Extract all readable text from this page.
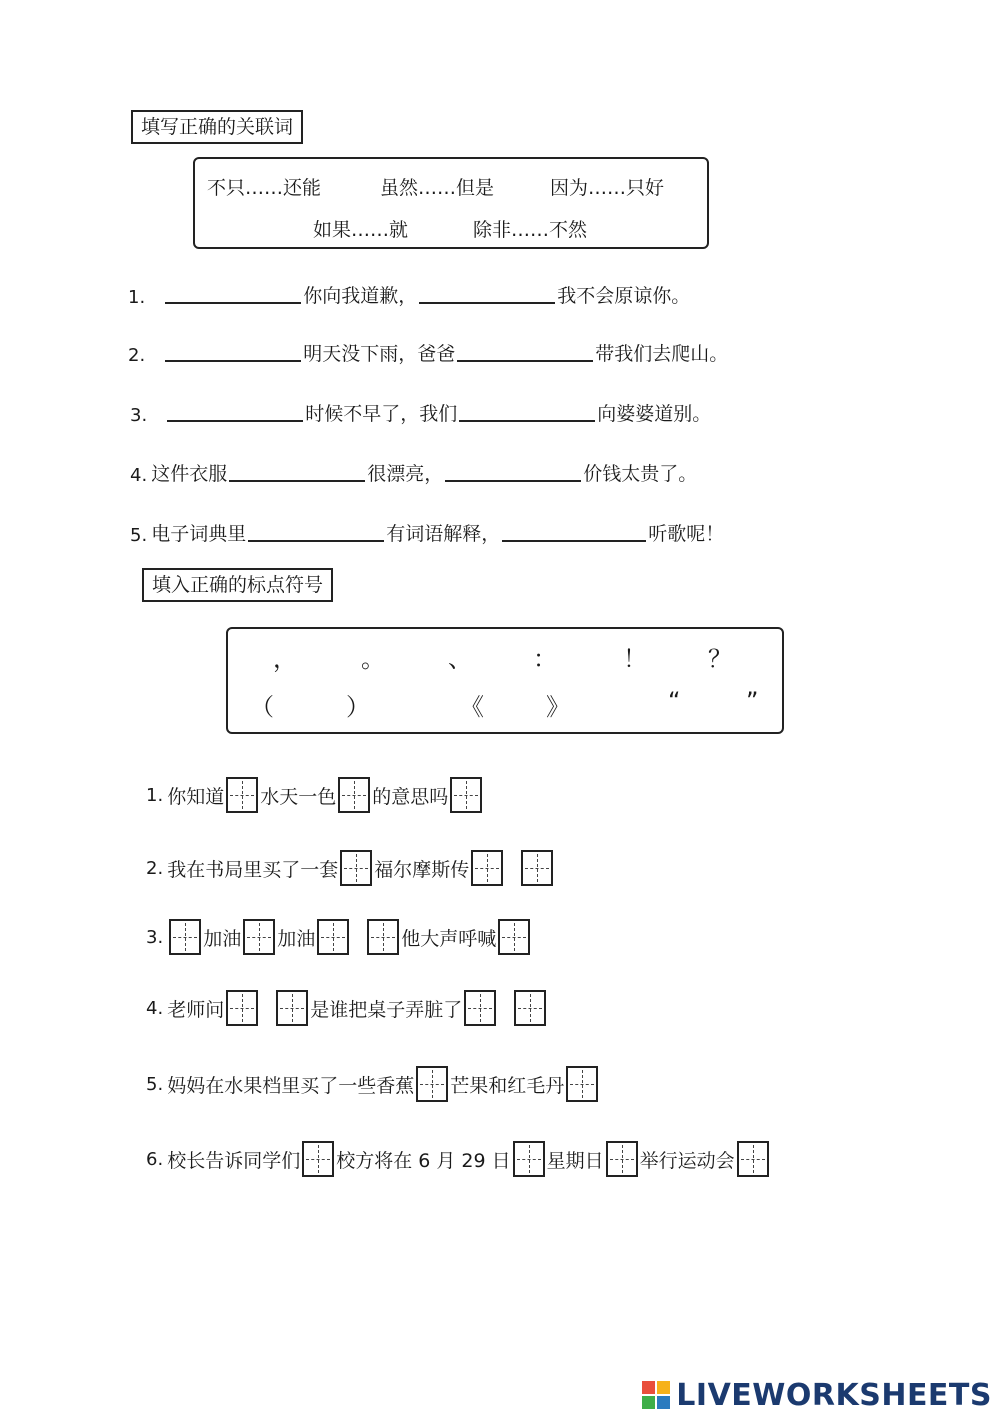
填写正确的关联词
不只……还能	虽然……但是	因为……只好
如果……就	除非……不然
1.	你向我道歉，	我不会原谅你。
2.	明天没下雨，爸爸	带我们去爬山。
3.	时候不早了，我们	向婆婆道别。
4. 这件衣服	很漂亮，	价钱太贵了。
5. 电子词典里	有词语解释，	听歌呢！
填入正确的标点符号
，	。	、	：	！	？
（	）	《	》	“	”
1. 你知道 水天一色 的意思吗
2. 我在书局里买了一套 福尔摩斯传
3. 加油 加油	他大声呼喊
4. 老师问	是谁把桌子弄脏了
5. 妈妈在水果档里买了一些香蕉 芒果和红毛丹
6. 校长告诉同学们 校方将在 6 月 29 日 星期日 举行运动会
LIVEWORKSHEETS
